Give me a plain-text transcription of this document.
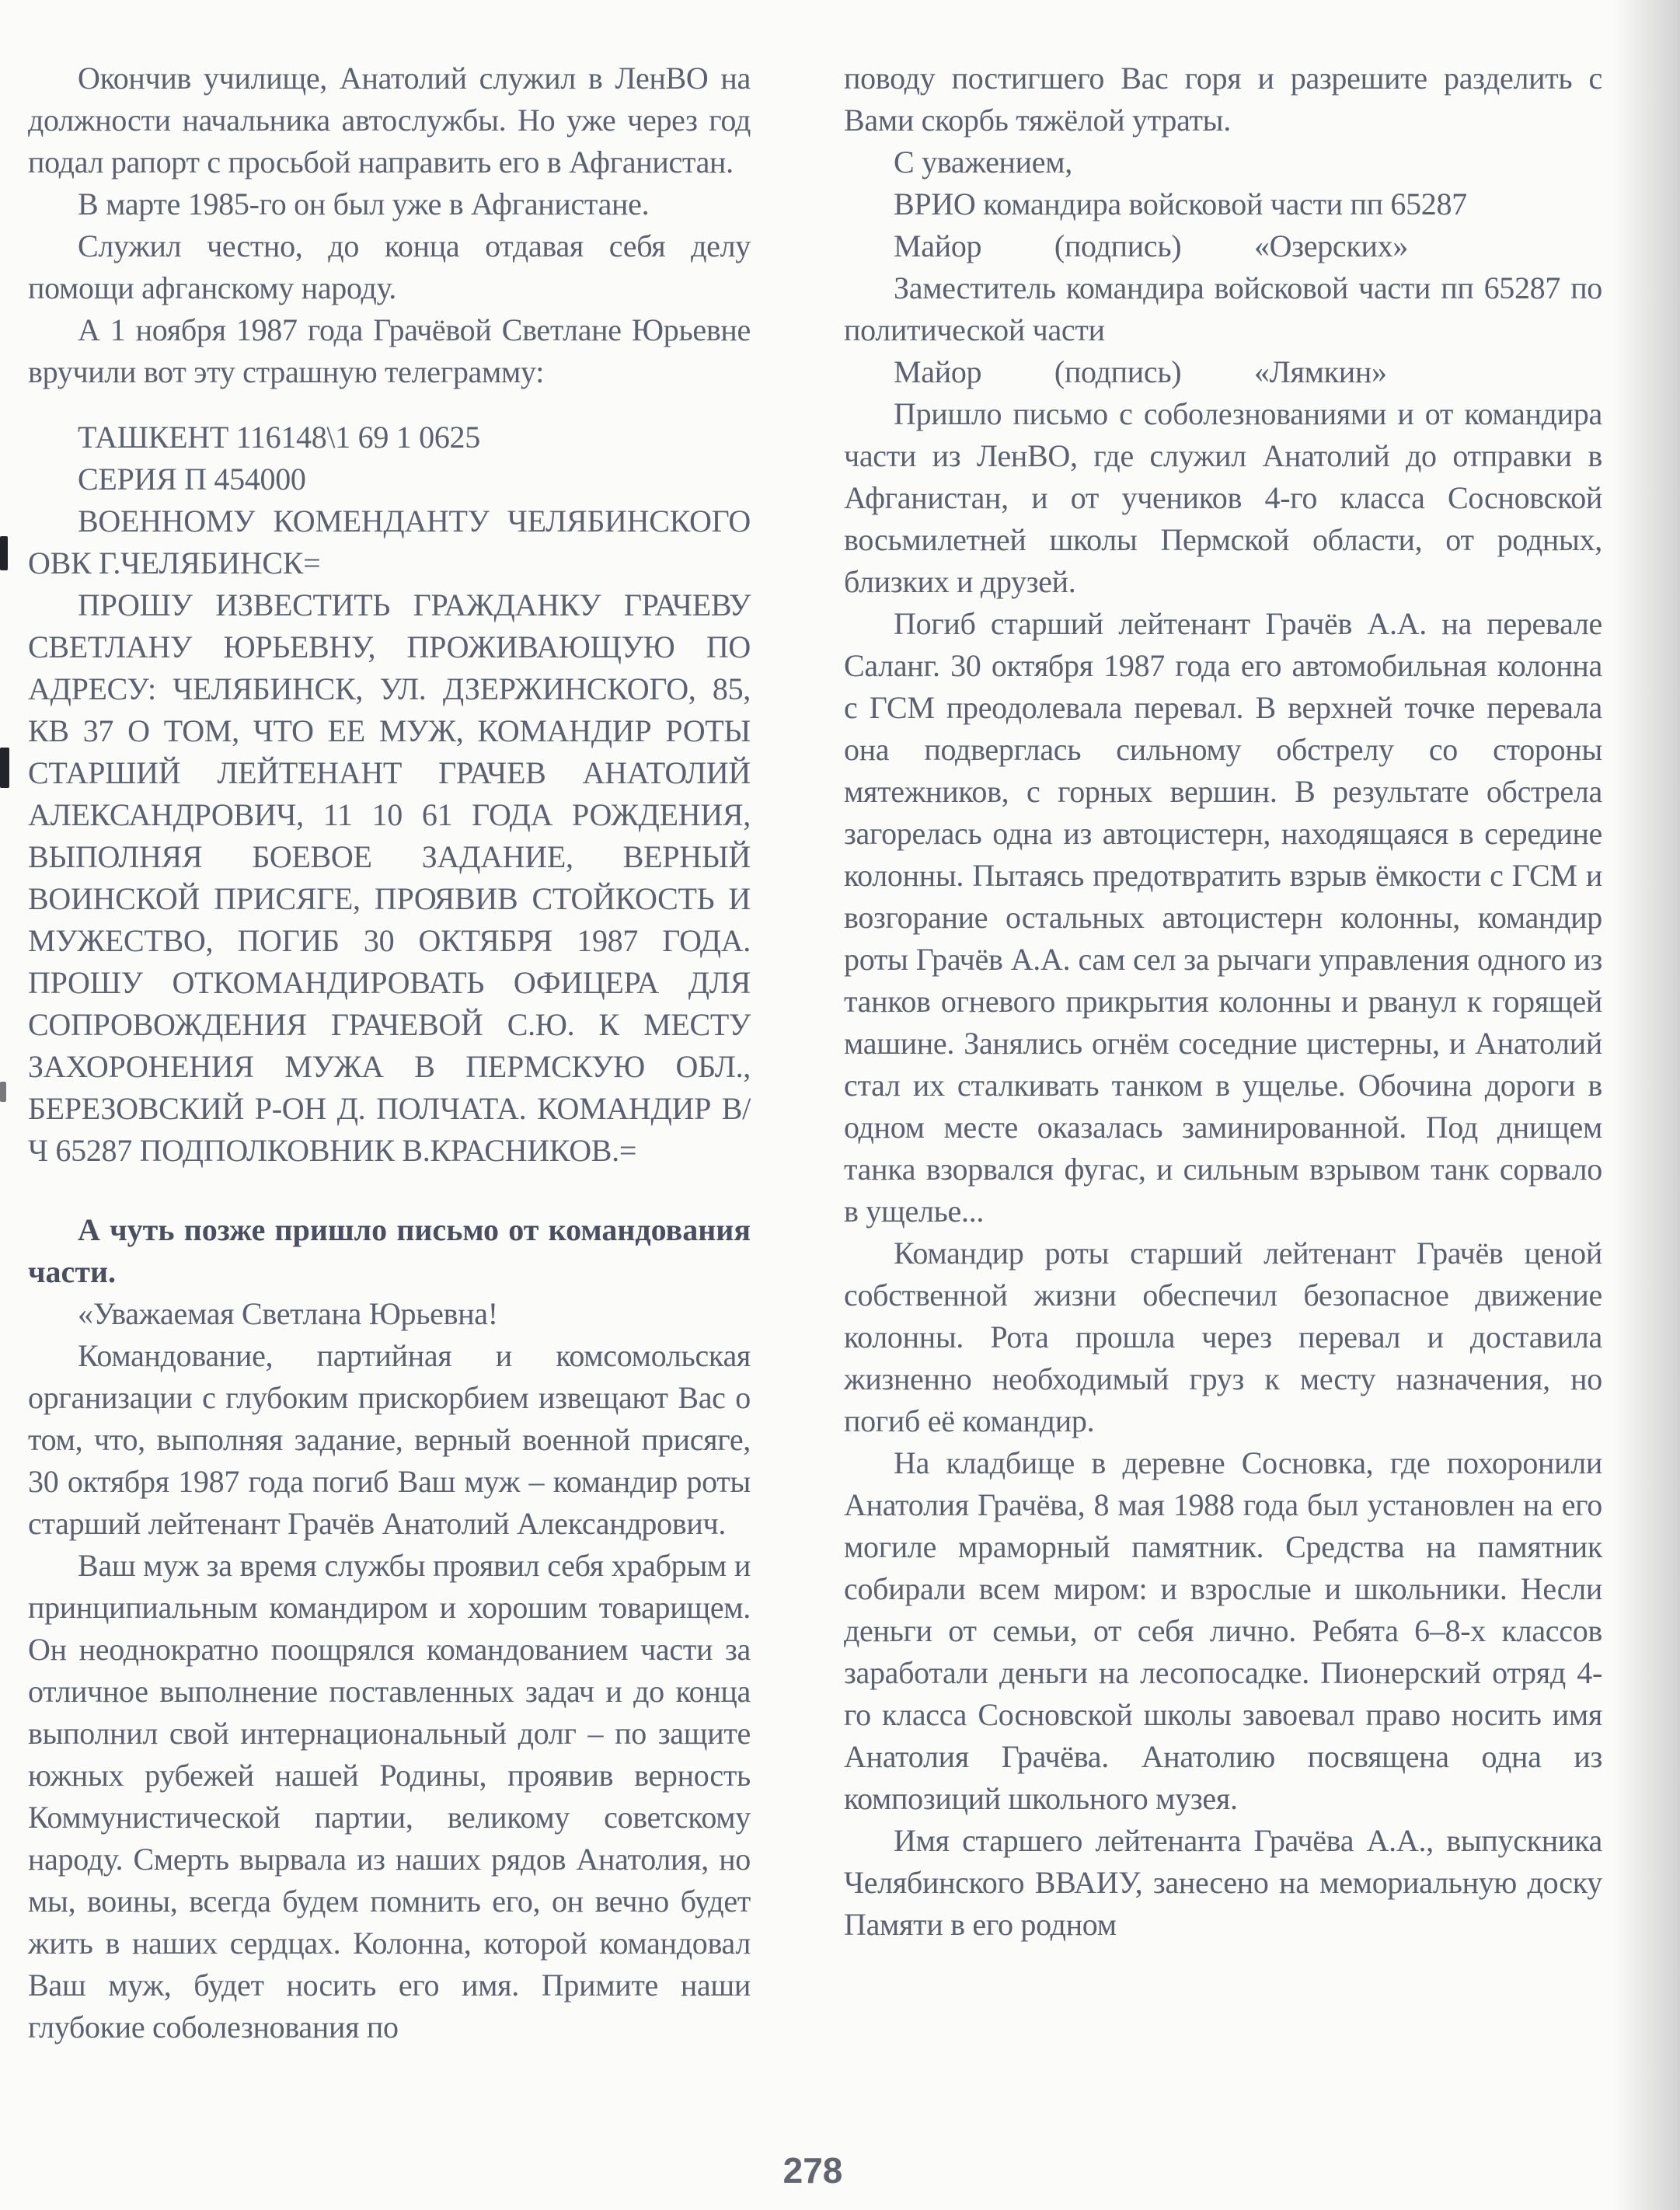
Окончив училище, Анатолий служил в ЛенВО на должности начальника автослужбы. Но уже через год подал рапорт с просьбой направить его в Афганистан.

В марте 1985-го он был уже в Афганистане.

Служил честно, до конца отдавая себя делу помощи афганскому народу.

А 1 ноября 1987 года Грачёвой Светлане Юрьевне вручили вот эту страшную телеграмму:

ТАШКЕНТ 116148\1 69 1 0625

СЕРИЯ П 454000

ВОЕННОМУ КОМЕНДАНТУ ЧЕЛЯБИНСКОГО ОВК Г.ЧЕЛЯБИНСК=

ПРОШУ ИЗВЕСТИТЬ ГРАЖДАНКУ ГРАЧЕВУ СВЕТЛАНУ ЮРЬЕВНУ, ПРОЖИВАЮЩУЮ ПО АДРЕСУ: ЧЕЛЯБИНСК, УЛ. ДЗЕРЖИНСКОГО, 85, КВ 37 О ТОМ, ЧТО ЕЕ МУЖ, КОМАНДИР РОТЫ СТАРШИЙ ЛЕЙТЕНАНТ ГРАЧЕВ АНАТОЛИЙ АЛЕКСАНДРОВИЧ, 11 10 61 ГОДА РОЖДЕНИЯ, ВЫПОЛНЯЯ БОЕВОЕ ЗАДАНИЕ, ВЕРНЫЙ ВОИНСКОЙ ПРИСЯГЕ, ПРОЯВИВ СТОЙКОСТЬ И МУЖЕСТВО, ПОГИБ 30 ОКТЯБРЯ 1987 ГОДА. ПРОШУ ОТКОМАНДИРОВАТЬ ОФИЦЕРА ДЛЯ СОПРОВОЖДЕНИЯ ГРАЧЕВОЙ С.Ю. К МЕСТУ ЗАХОРОНЕНИЯ МУЖА В ПЕРМСКУЮ ОБЛ., БЕРЕЗОВСКИЙ Р-ОН Д. ПОЛЧАТА. КОМАНДИР В/Ч 65287 ПОДПОЛКОВНИК В.КРАСНИКОВ.=

А чуть позже пришло письмо от командования части.

«Уважаемая Светлана Юрьевна!

Командование, партийная и комсомольская организации с глубоким прискорбием извещают Вас о том, что, выполняя задание, верный военной присяге, 30 октября 1987 года погиб Ваш муж – командир роты старший лейтенант Грачёв Анатолий Александрович.

Ваш муж за время службы проявил себя храбрым и принципиальным командиром и хорошим товарищем. Он неоднократно поощрялся командованием части за отличное выполнение поставленных задач и до конца выполнил свой интернациональный долг – по защите южных рубежей нашей Родины, проявив верность Коммунистической партии, великому советскому народу. Смерть вырвала из наших рядов Анатолия, но мы, воины, всегда будем помнить его, он вечно будет жить в наших сердцах. Колонна, которой командовал Ваш муж, будет носить его имя. Примите наши глубокие соболезнования по

поводу постигшего Вас горя и разрешите разделить с Вами скорбь тяжёлой утраты.

С уважением,

ВРИО командира войсковой части пп 65287

Майор (подпись) «Озерских»

Заместитель командира войсковой части пп 65287 по политической части

Майор (подпись) «Лямкин»

Пришло письмо с соболезнованиями и от командира части из ЛенВО, где служил Анатолий до отправки в Афганистан, и от учеников 4-го класса Сосновской восьмилетней школы Пермской области, от родных, близких и друзей.

Погиб старший лейтенант Грачёв А.А. на перевале Саланг. 30 октября 1987 года его автомобильная колонна с ГСМ преодолевала перевал. В верхней точке перевала она подверглась сильному обстрелу со стороны мятежников, с горных вершин. В результате обстрела загорелась одна из автоцистерн, находящаяся в середине колонны. Пытаясь предотвратить взрыв ёмкости с ГСМ и возгорание остальных автоцистерн колонны, командир роты Грачёв А.А. сам сел за рычаги управления одного из танков огневого прикрытия колонны и рванул к горящей машине. Занялись огнём соседние цистерны, и Анатолий стал их сталкивать танком в ущелье. Обочина дороги в одном месте оказалась заминированной. Под днищем танка взорвался фугас, и сильным взрывом танк сорвало в ущелье...

Командир роты старший лейтенант Грачёв ценой собственной жизни обеспечил безопасное движение колонны. Рота прошла через перевал и доставила жизненно необходимый груз к месту назначения, но погиб её командир.

На кладбище в деревне Сосновка, где похоронили Анатолия Грачёва, 8 мая 1988 года был установлен на его могиле мраморный памятник. Средства на памятник собирали всем миром: и взрослые и школьники. Несли деньги от семьи, от себя лично. Ребята 6–8-х классов заработали деньги на лесопосадке. Пионерский отряд 4-го класса Сосновской школы завоевал право носить имя Анатолия Грачёва. Анатолию посвящена одна из композиций школьного музея.

Имя старшего лейтенанта Грачёва А.А., выпускника Челябинского ВВАИУ, занесено на мемориальную доску Памяти в его родном

278
